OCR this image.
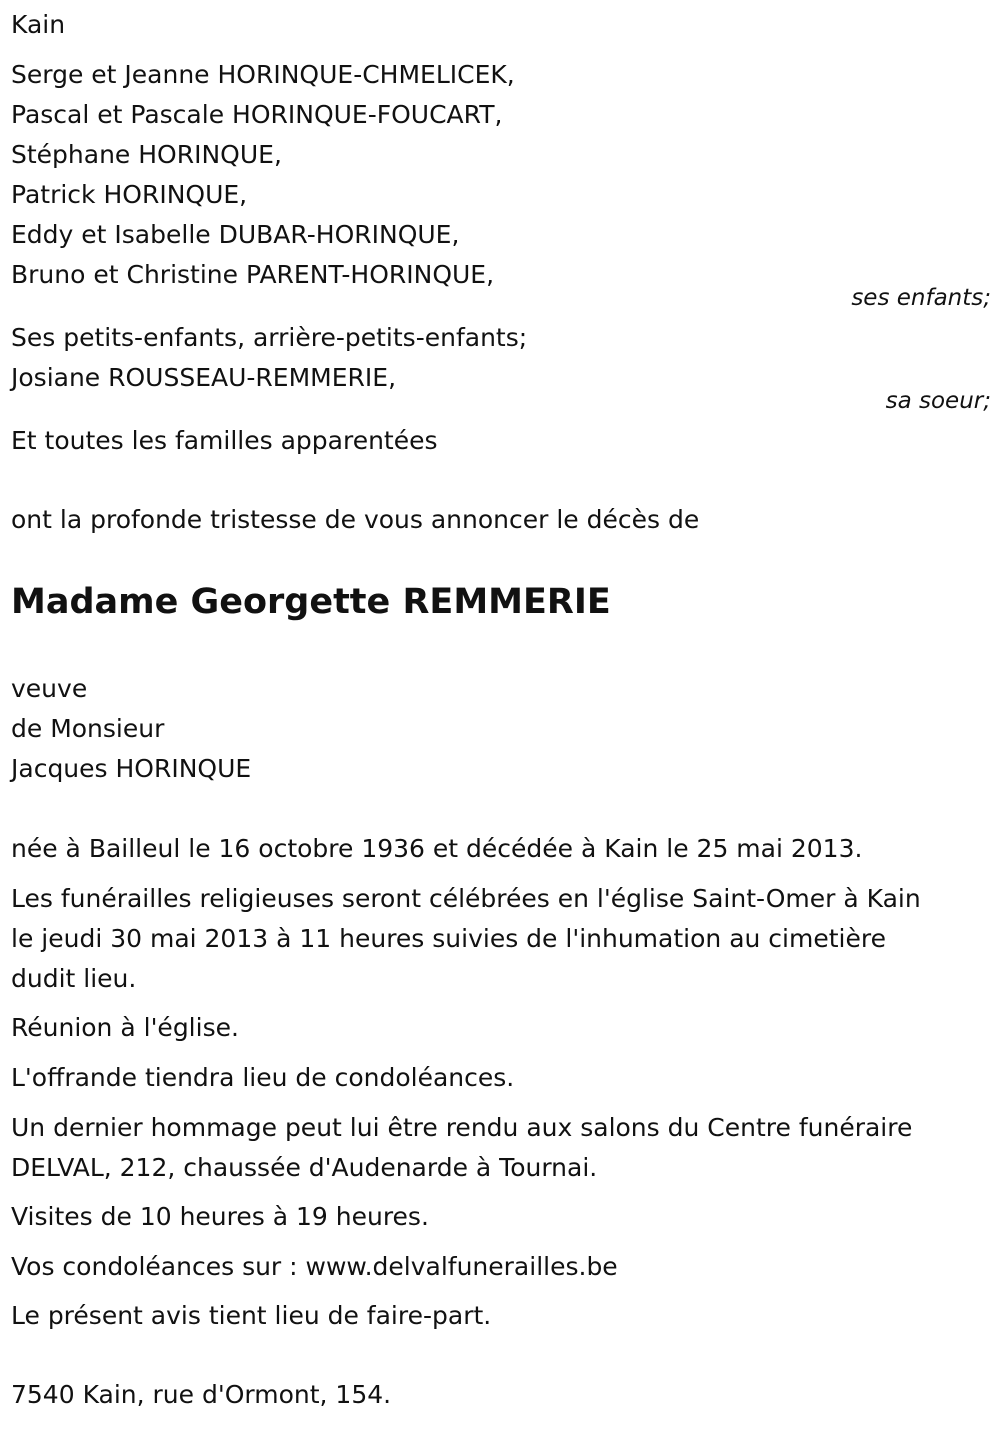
Kain
Serge et Jeanne HORINQUE-CHMELICEK,
Pascal et Pascale HORINQUE-FOUCART,
Stéphane HORINQUE,
Patrick HORINQUE,
Eddy et Isabelle DUBAR-HORINQUE,
Bruno et Christine PARENT-HORINQUE,
ses enfants;
Ses petits-enfants, arrière-petits-enfants;
Josiane ROUSSEAU-REMMERIE,
sa soeur;
Et toutes les familles apparentées
ont la profonde tristesse de vous annoncer le décès de
Madame Georgette REMMERIE
veuve
de Monsieur
Jacques HORINQUE
née à Bailleul le 16 octobre 1936 et décédée à Kain le 25 mai 2013.
Les funérailles religieuses seront célébrées en l'église Saint-Omer à Kain
le jeudi 30 mai 2013 à 11 heures suivies de l'inhumation au cimetière
dudit lieu.
Réunion à l'église.
L'offrande tiendra lieu de condoléances.
Un dernier hommage peut lui être rendu aux salons du Centre funéraire
DELVAL, 212, chaussée d'Audenarde à Tournai.
Visites de 10 heures à 19 heures.
Vos condoléances sur : www.delvalfunerailles.be
Le présent avis tient lieu de faire-part.
7540 Kain, rue d'Ormont, 154.
